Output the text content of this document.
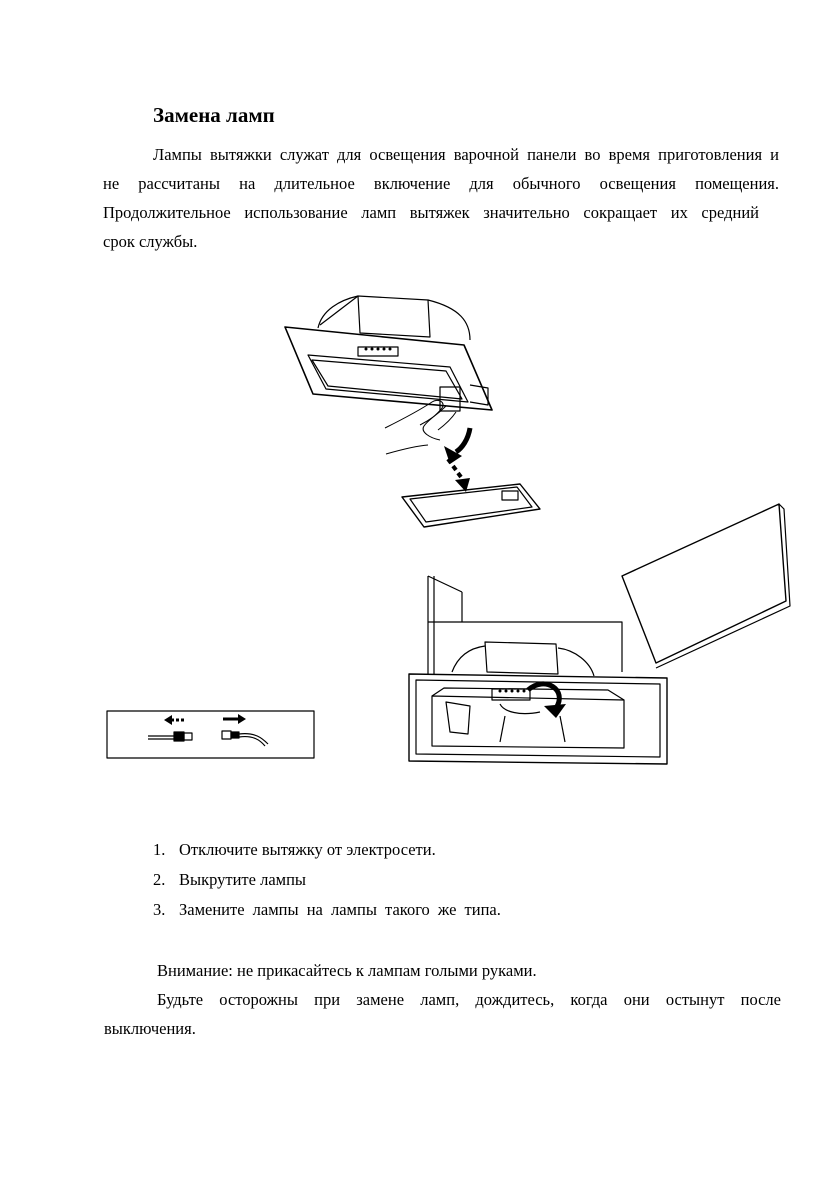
Замена ламп
Лампы вытяжки служат для освещения варочной панели во время приготовления и
не рассчитаны на длительное включение для обычного освещения помещения.
Продолжительное использование ламп вытяжек значительно сокращает их средний
срок службы.
1. Отключите вытяжку от электросети.
2. Выкрутите лампы
3. Замените лампы на лампы такого же типа.
Внимание: не прикасайтесь к лампам голыми руками.
Будьте осторожны при замене ламп, дождитесь, когда они остынут после
выключения.
